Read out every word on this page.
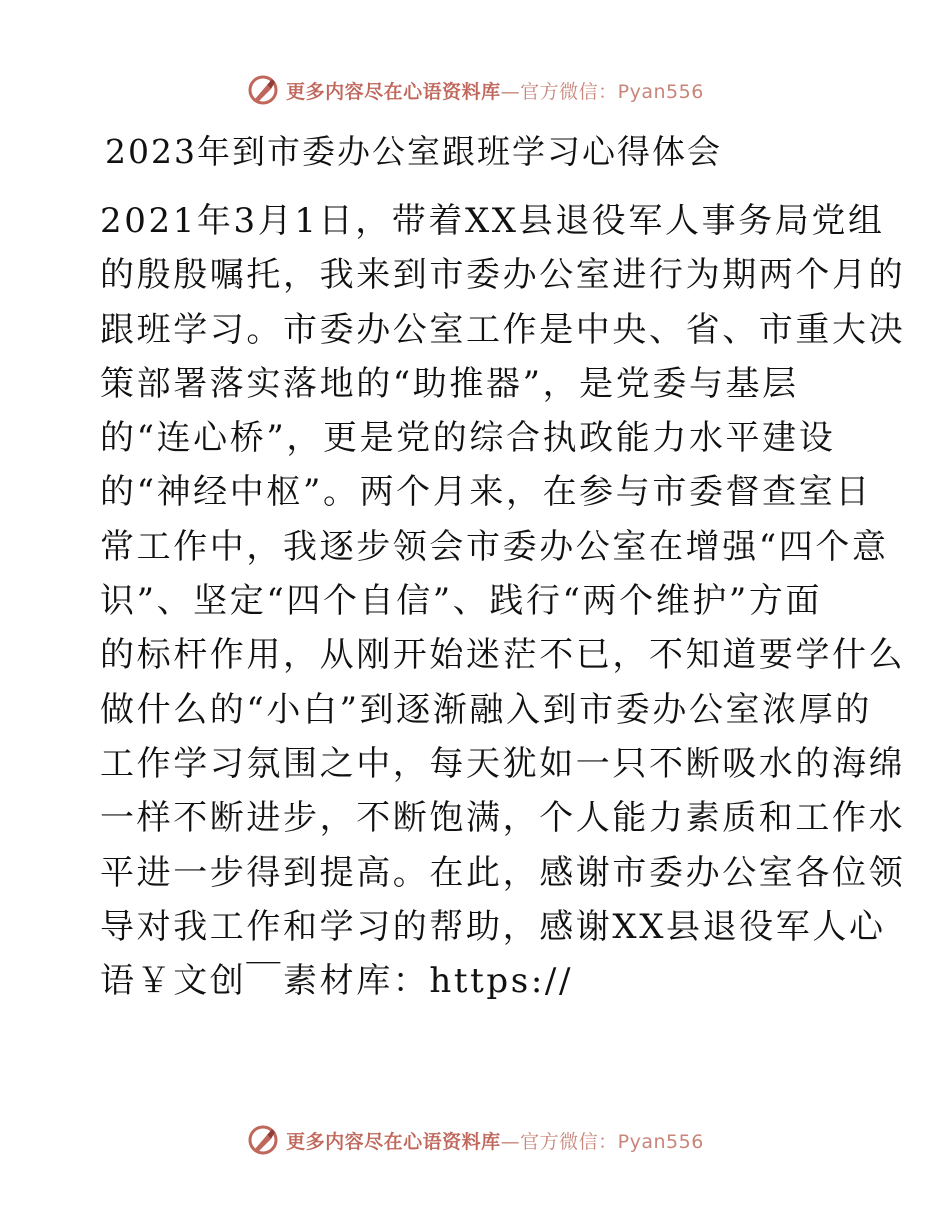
更多内容尽在心语资料库—官方微信：Pyan556
2023年到市委办公室跟班学习心得体会
2021年3月1日，带着XX县退役军人事务局党组
的殷殷嘱托，我来到市委办公室进行为期两个月的
跟班学习。市委办公室工作是中央、省、市重大决
策部署落实落地的“助推器”，是党委与基层
的“连心桥”，更是党的综合执政能力水平建设
的“神经中枢”。两个月来，在参与市委督查室日
常工作中，我逐步领会市委办公室在增强“四个意
识”、坚定“四个自信”、践行“两个维护”方面
的标杆作用，从刚开始迷茫不已，不知道要学什么
做什么的“小白”到逐渐融入到市委办公室浓厚的
工作学习氛围之中，每天犹如一只不断吸水的海绵
一样不断进步，不断饱满，个人能力素质和工作水
平进一步得到提高。在此，感谢市委办公室各位领
导对我工作和学习的帮助，感谢XX县退役军人心
语￥文创￣素材库：https://
更多内容尽在心语资料库—官方微信：Pyan556
